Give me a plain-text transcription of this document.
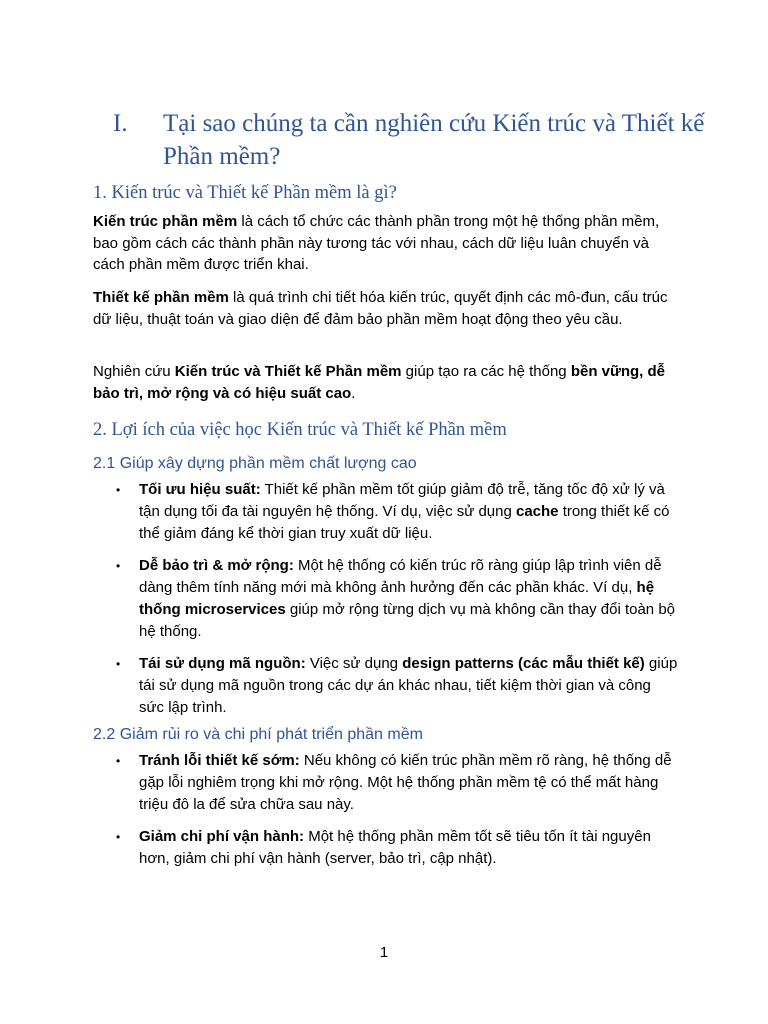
I. Tại sao chúng ta cần nghiên cứu Kiến trúc và Thiết kế Phần mềm?
1. Kiến trúc và Thiết kế Phần mềm là gì?

Kiến trúc phần mềm là cách tổ chức các thành phần trong một hệ thống phần mềm, bao gồm cách các thành phần này tương tác với nhau, cách dữ liệu luân chuyển và cách phần mềm được triển khai.

Thiết kế phần mềm là quá trình chi tiết hóa kiến trúc, quyết định các mô-đun, cấu trúc dữ liệu, thuật toán và giao diện để đảm bảo phần mềm hoạt động theo yêu cầu.

Nghiên cứu Kiến trúc và Thiết kế Phần mềm giúp tạo ra các hệ thống bền vững, dễ bảo trì, mở rộng và có hiệu suất cao.

2. Lợi ích của việc học Kiến trúc và Thiết kế Phần mềm
2.1 Giúp xây dựng phần mềm chất lượng cao
• Tối ưu hiệu suất: Thiết kế phần mềm tốt giúp giảm độ trễ, tăng tốc độ xử lý và tận dụng tối đa tài nguyên hệ thống. Ví dụ, việc sử dụng cache trong thiết kế có thể giảm đáng kể thời gian truy xuất dữ liệu.
• Dễ bảo trì & mở rộng: Một hệ thống có kiến trúc rõ ràng giúp lập trình viên dễ dàng thêm tính năng mới mà không ảnh hưởng đến các phần khác. Ví dụ, hệ thống microservices giúp mở rộng từng dịch vụ mà không cần thay đổi toàn bộ hệ thống.
• Tái sử dụng mã nguồn: Việc sử dụng design patterns (các mẫu thiết kế) giúp tái sử dụng mã nguồn trong các dự án khác nhau, tiết kiệm thời gian và công sức lập trình.
2.2 Giảm rủi ro và chi phí phát triển phần mềm
• Tránh lỗi thiết kế sớm: Nếu không có kiến trúc phần mềm rõ ràng, hệ thống dễ gặp lỗi nghiêm trọng khi mở rộng. Một hệ thống phần mềm tệ có thể mất hàng triệu đô la để sửa chữa sau này.
• Giảm chi phí vận hành: Một hệ thống phần mềm tốt sẽ tiêu tốn ít tài nguyên hơn, giảm chi phí vận hành (server, bảo trì, cập nhật).
1
